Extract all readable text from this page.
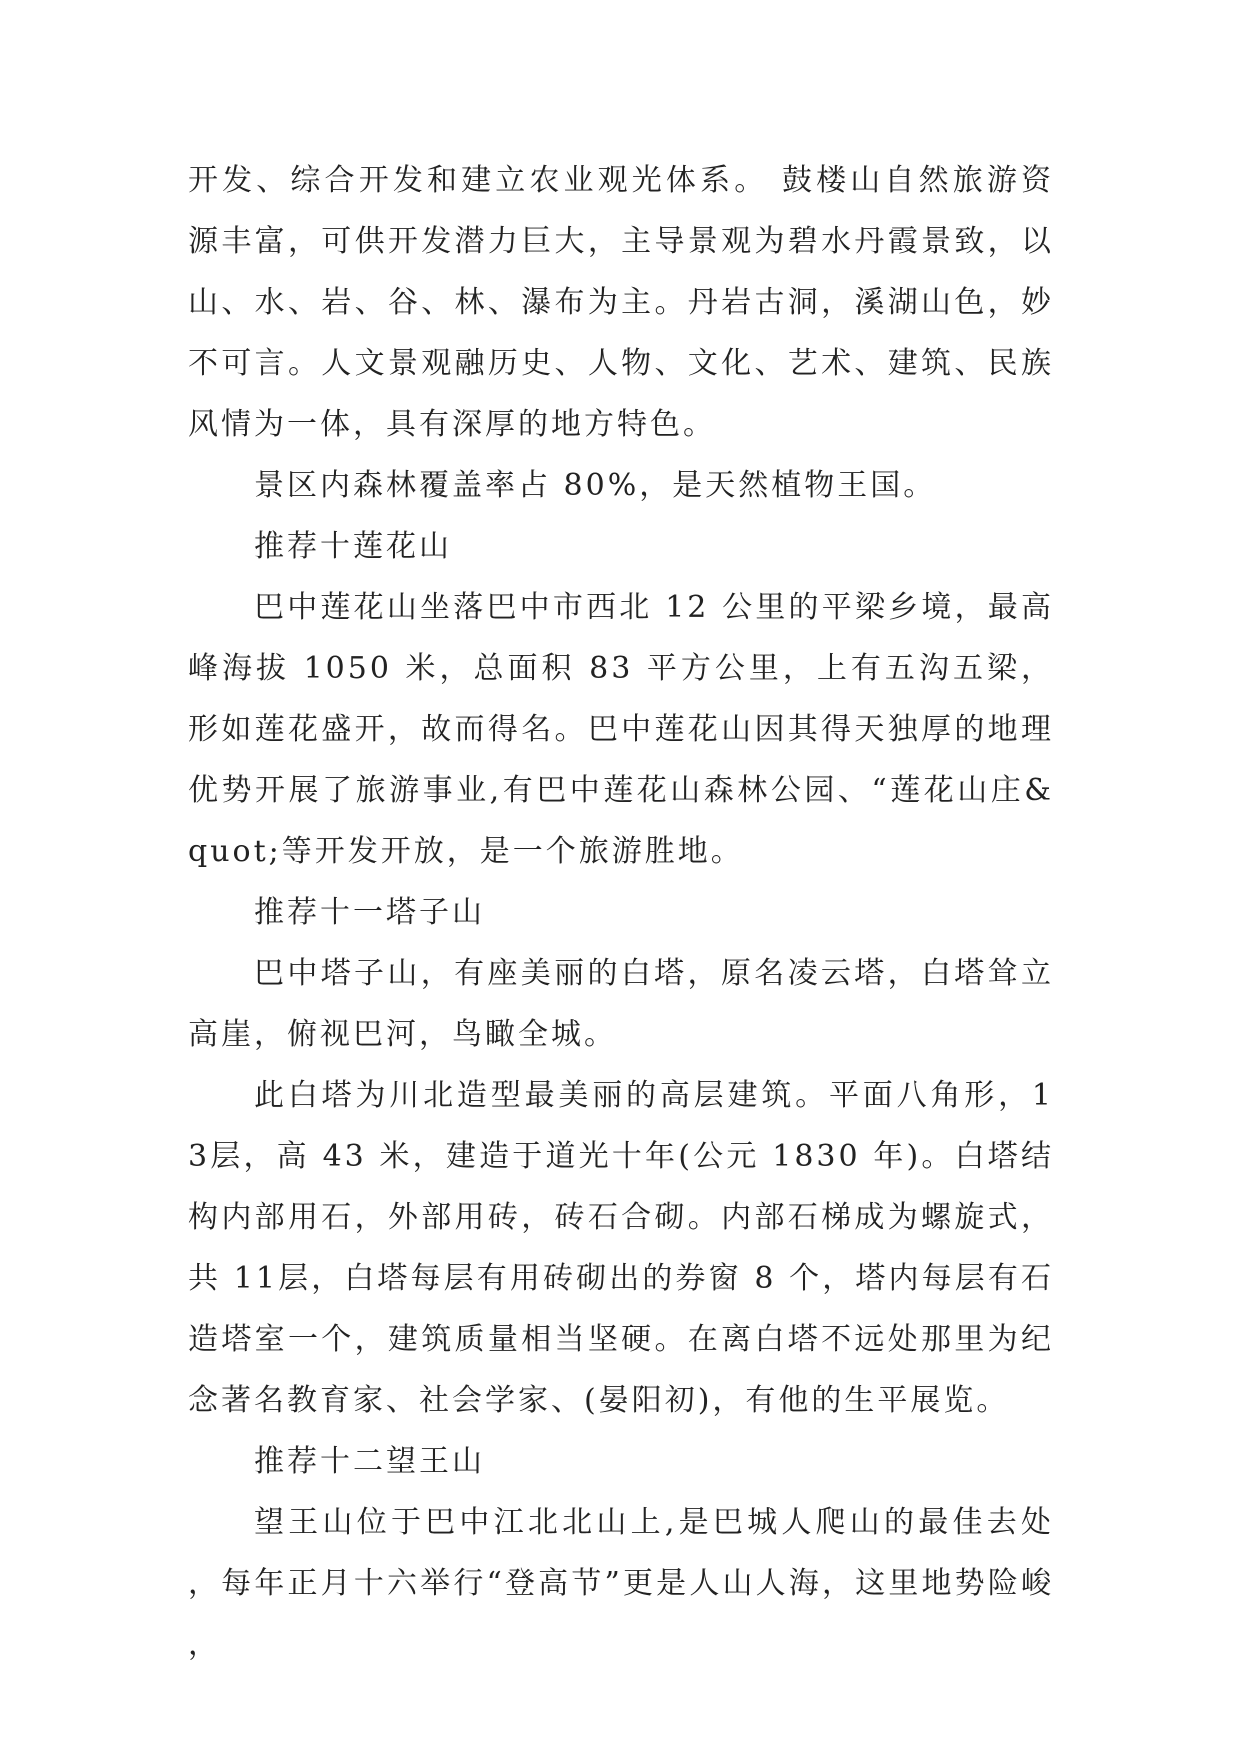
开发、综合开发和建立农业观光体系。 鼓楼山自然旅游资源丰富，可供开发潜力巨大，主导景观为碧水丹霞景致，以山、水、岩、谷、林、瀑布为主。丹岩古洞，溪湖山色，妙不可言。人文景观融历史、人物、文化、艺术、建筑、民族风情为一体，具有深厚的地方特色。

景区内森林覆盖率占 80%，是天然植物王国。

推荐十莲花山

巴中莲花山坐落巴中市西北 12 公里的平梁乡境，最高峰海拔 1050 米，总面积 83 平方公里，上有五沟五梁，形如莲花盛开，故而得名。巴中莲花山因其得天独厚的地理优势开展了旅游事业,有巴中莲花山森林公园、“莲花山庄&quot;等开发开放，是一个旅游胜地。

推荐十一塔子山

巴中塔子山，有座美丽的白塔，原名凌云塔，白塔耸立高崖，俯视巴河，鸟瞰全城。

此白塔为川北造型最美丽的高层建筑。平面八角形，13层，高 43 米，建造于道光十年(公元 1830 年)。白塔结构内部用石，外部用砖，砖石合砌。内部石梯成为螺旋式，共 11层，白塔每层有用砖砌出的券窗 8 个，塔内每层有石造塔室一个，建筑质量相当坚硬。在离白塔不远处那里为纪念著名教育家、社会学家、(晏阳初)，有他的生平展览。

推荐十二望王山

望王山位于巴中江北北山上,是巴城人爬山的最佳去处，每年正月十六举行“登高节”更是人山人海，这里地势险峻，
